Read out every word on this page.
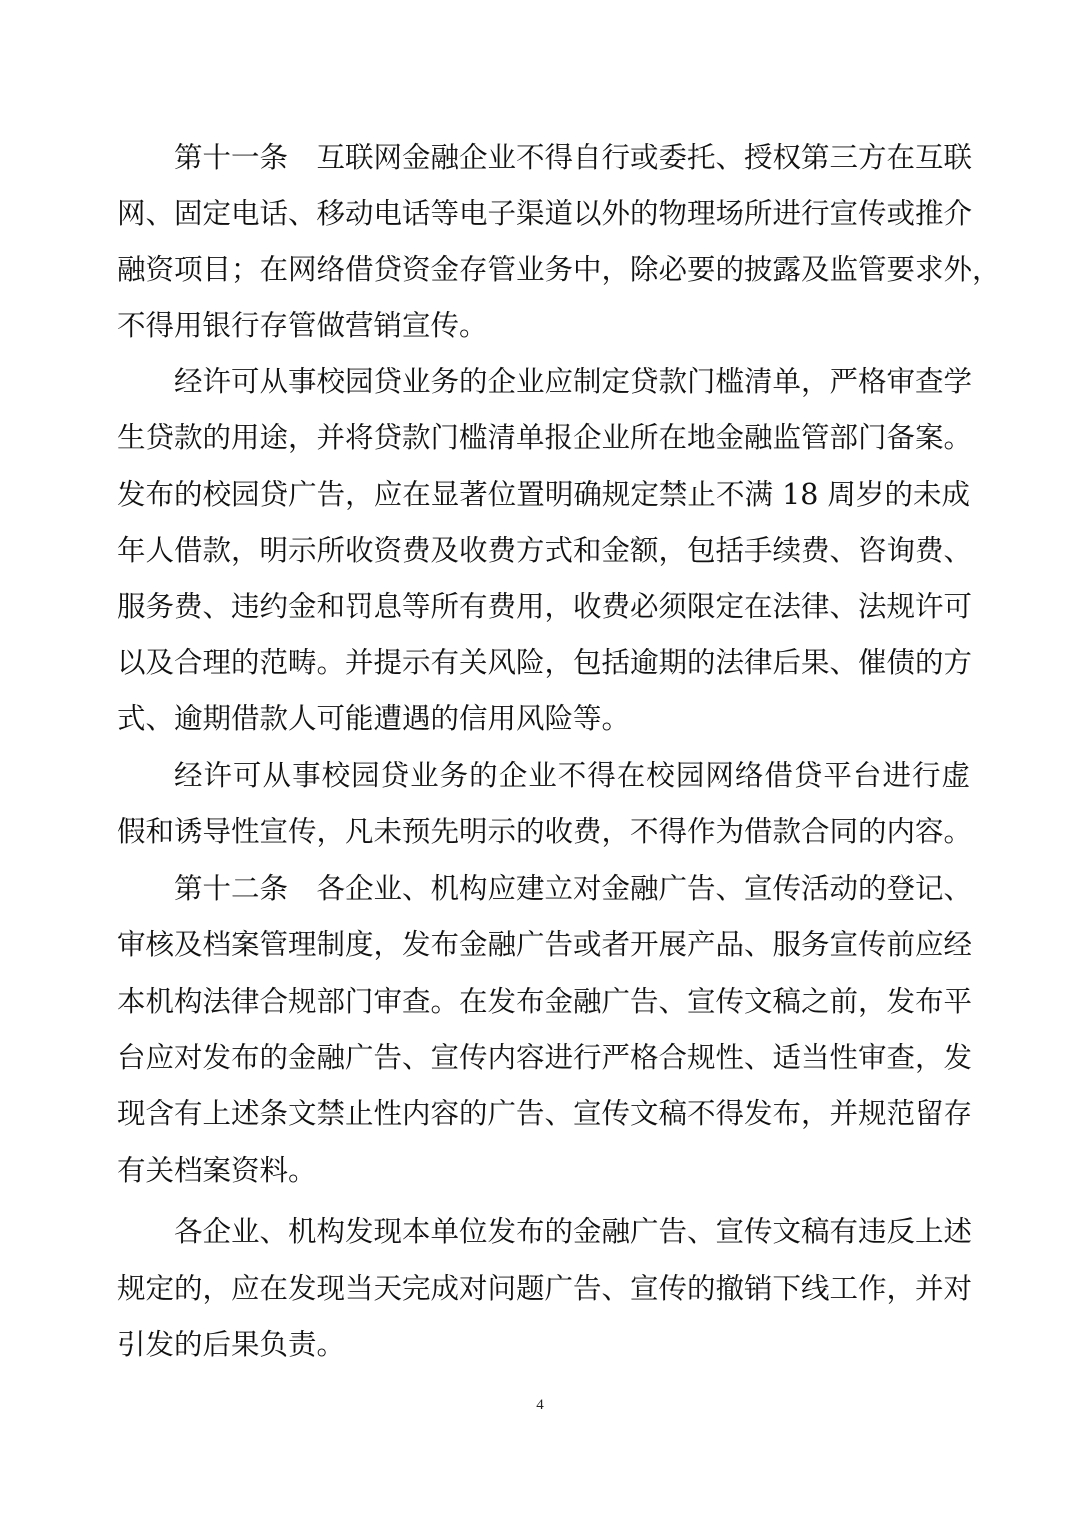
第十一条　互联网金融企业不得自行或委托、授权第三方在互联

网、固定电话、移动电话等电子渠道以外的物理场所进行宣传或推介

融资项目；在网络借贷资金存管业务中，除必要的披露及监管要求外，

不得用银行存管做营销宣传。

经许可从事校园贷业务的企业应制定贷款门槛清单，严格审查学

生贷款的用途，并将贷款门槛清单报企业所在地金融监管部门备案。

发布的校园贷广告，应在显著位置明确规定禁止不满 18 周岁的未成

年人借款，明示所收资费及收费方式和金额，包括手续费、咨询费、

服务费、违约金和罚息等所有费用，收费必须限定在法律、法规许可

以及合理的范畴。并提示有关风险，包括逾期的法律后果、催债的方

式、逾期借款人可能遭遇的信用风险等。

经许可从事校园贷业务的企业不得在校园网络借贷平台进行虚

假和诱导性宣传，凡未预先明示的收费，不得作为借款合同的内容。

第十二条　各企业、机构应建立对金融广告、宣传活动的登记、

审核及档案管理制度，发布金融广告或者开展产品、服务宣传前应经

本机构法律合规部门审查。在发布金融广告、宣传文稿之前，发布平

台应对发布的金融广告、宣传内容进行严格合规性、适当性审查，发

现含有上述条文禁止性内容的广告、宣传文稿不得发布，并规范留存

有关档案资料。

各企业、机构发现本单位发布的金融广告、宣传文稿有违反上述

规定的，应在发现当天完成对问题广告、宣传的撤销下线工作，并对

引发的后果负责。

4
